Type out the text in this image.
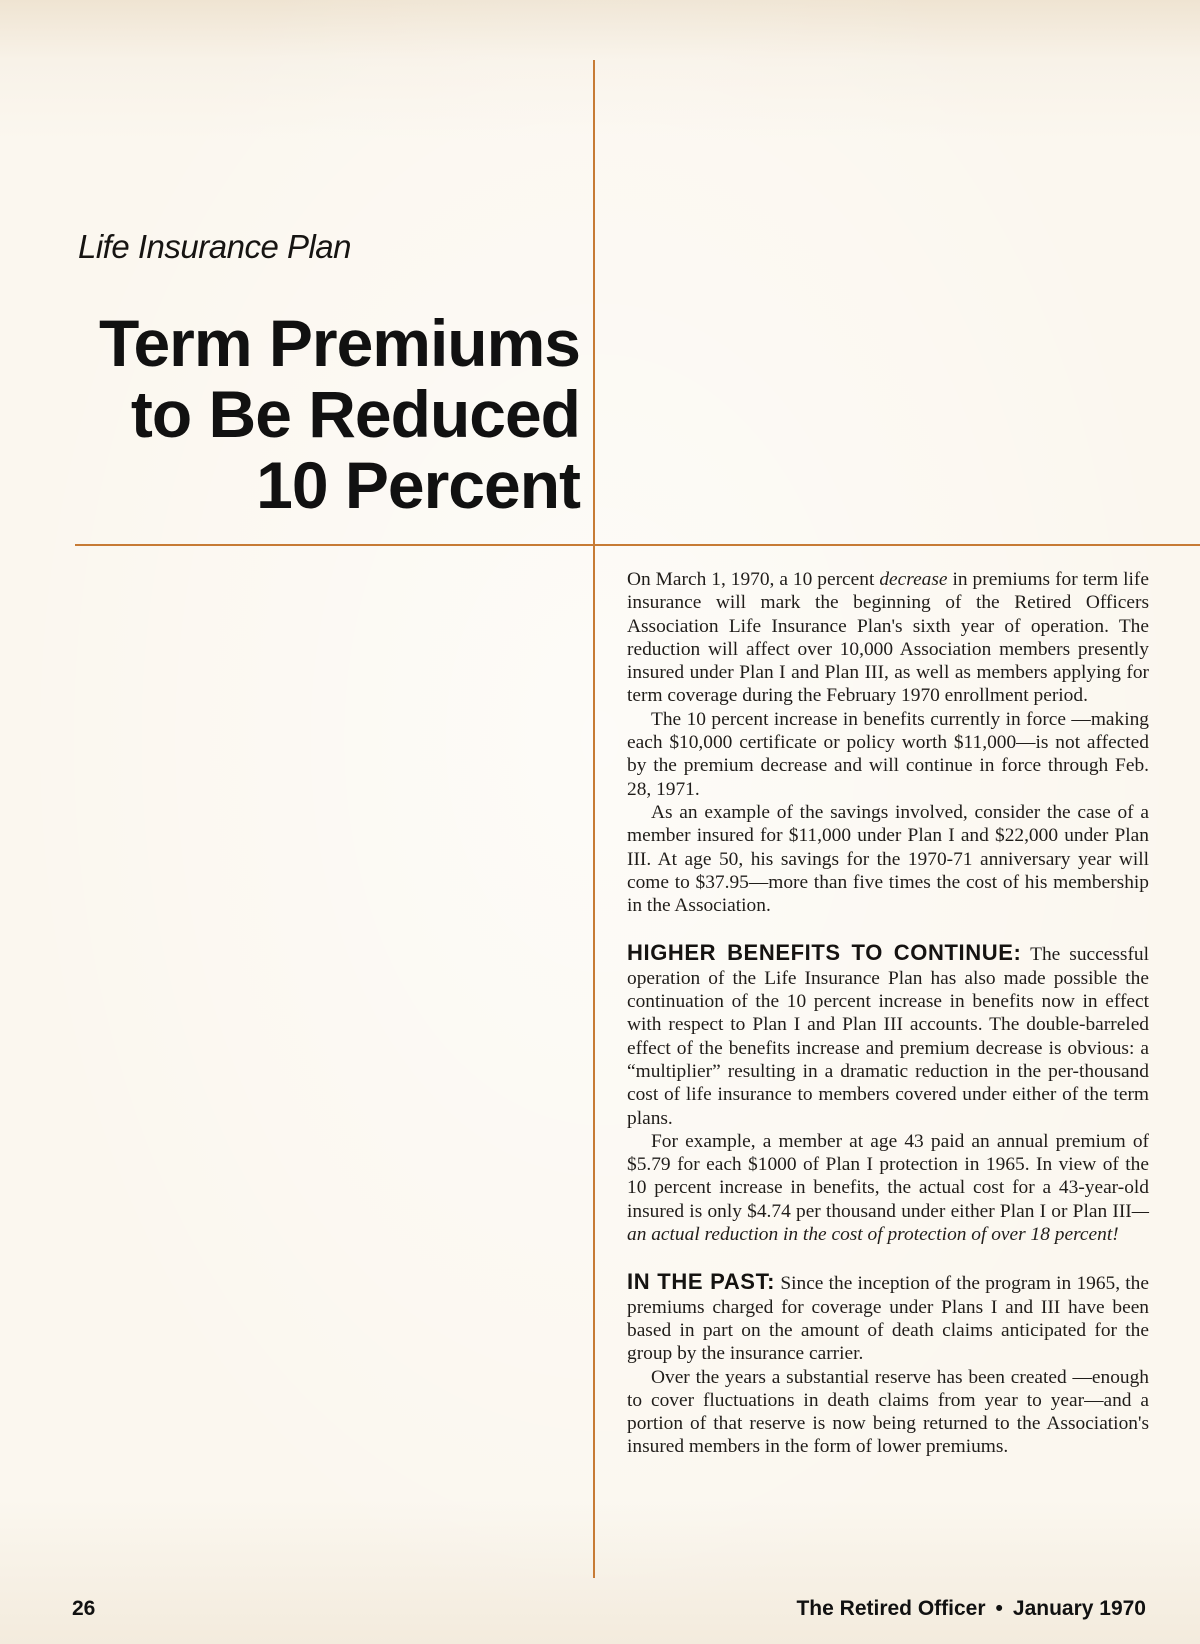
Life Insurance Plan
Term Premiums
to Be Reduced
10 Percent

On March 1, 1970, a 10 percent decrease in premiums for term life insurance will mark the beginning of the Retired Officers Association Life Insurance Plan's sixth year of operation. The reduction will affect over 10,000 Association members presently insured under Plan I and Plan III, as well as members applying for term coverage during the February 1970 enrollment period.

The 10 percent increase in benefits currently in force —making each $10,000 certificate or policy worth $11,000—is not affected by the premium decrease and will continue in force through Feb. 28, 1971.

As an example of the savings involved, consider the case of a member insured for $11,000 under Plan I and $22,000 under Plan III. At age 50, his savings for the 1970-71 anniversary year will come to $37.95—more than five times the cost of his membership in the Association.

HIGHER BENEFITS TO CONTINUE: The successful operation of the Life Insurance Plan has also made possible the continuation of the 10 percent increase in benefits now in effect with respect to Plan I and Plan III accounts. The double-barreled effect of the benefits increase and premium decrease is obvious: a “multiplier” resulting in a dramatic reduction in the per-thousand cost of life insurance to members covered under either of the term plans.

For example, a member at age 43 paid an annual premium of $5.79 for each $1000 of Plan I protection in 1965. In view of the 10 percent increase in benefits, the actual cost for a 43-year-old insured is only $4.74 per thousand under either Plan I or Plan III—an actual reduction in the cost of protection of over 18 percent!

IN THE PAST: Since the inception of the program in 1965, the premiums charged for coverage under Plans I and III have been based in part on the amount of death claims anticipated for the group by the insurance carrier.

Over the years a substantial reserve has been created —enough to cover fluctuations in death claims from year to year—and a portion of that reserve is now being returned to the Association's insured members in the form of lower premiums.

26	The Retired Officer • January 1970
